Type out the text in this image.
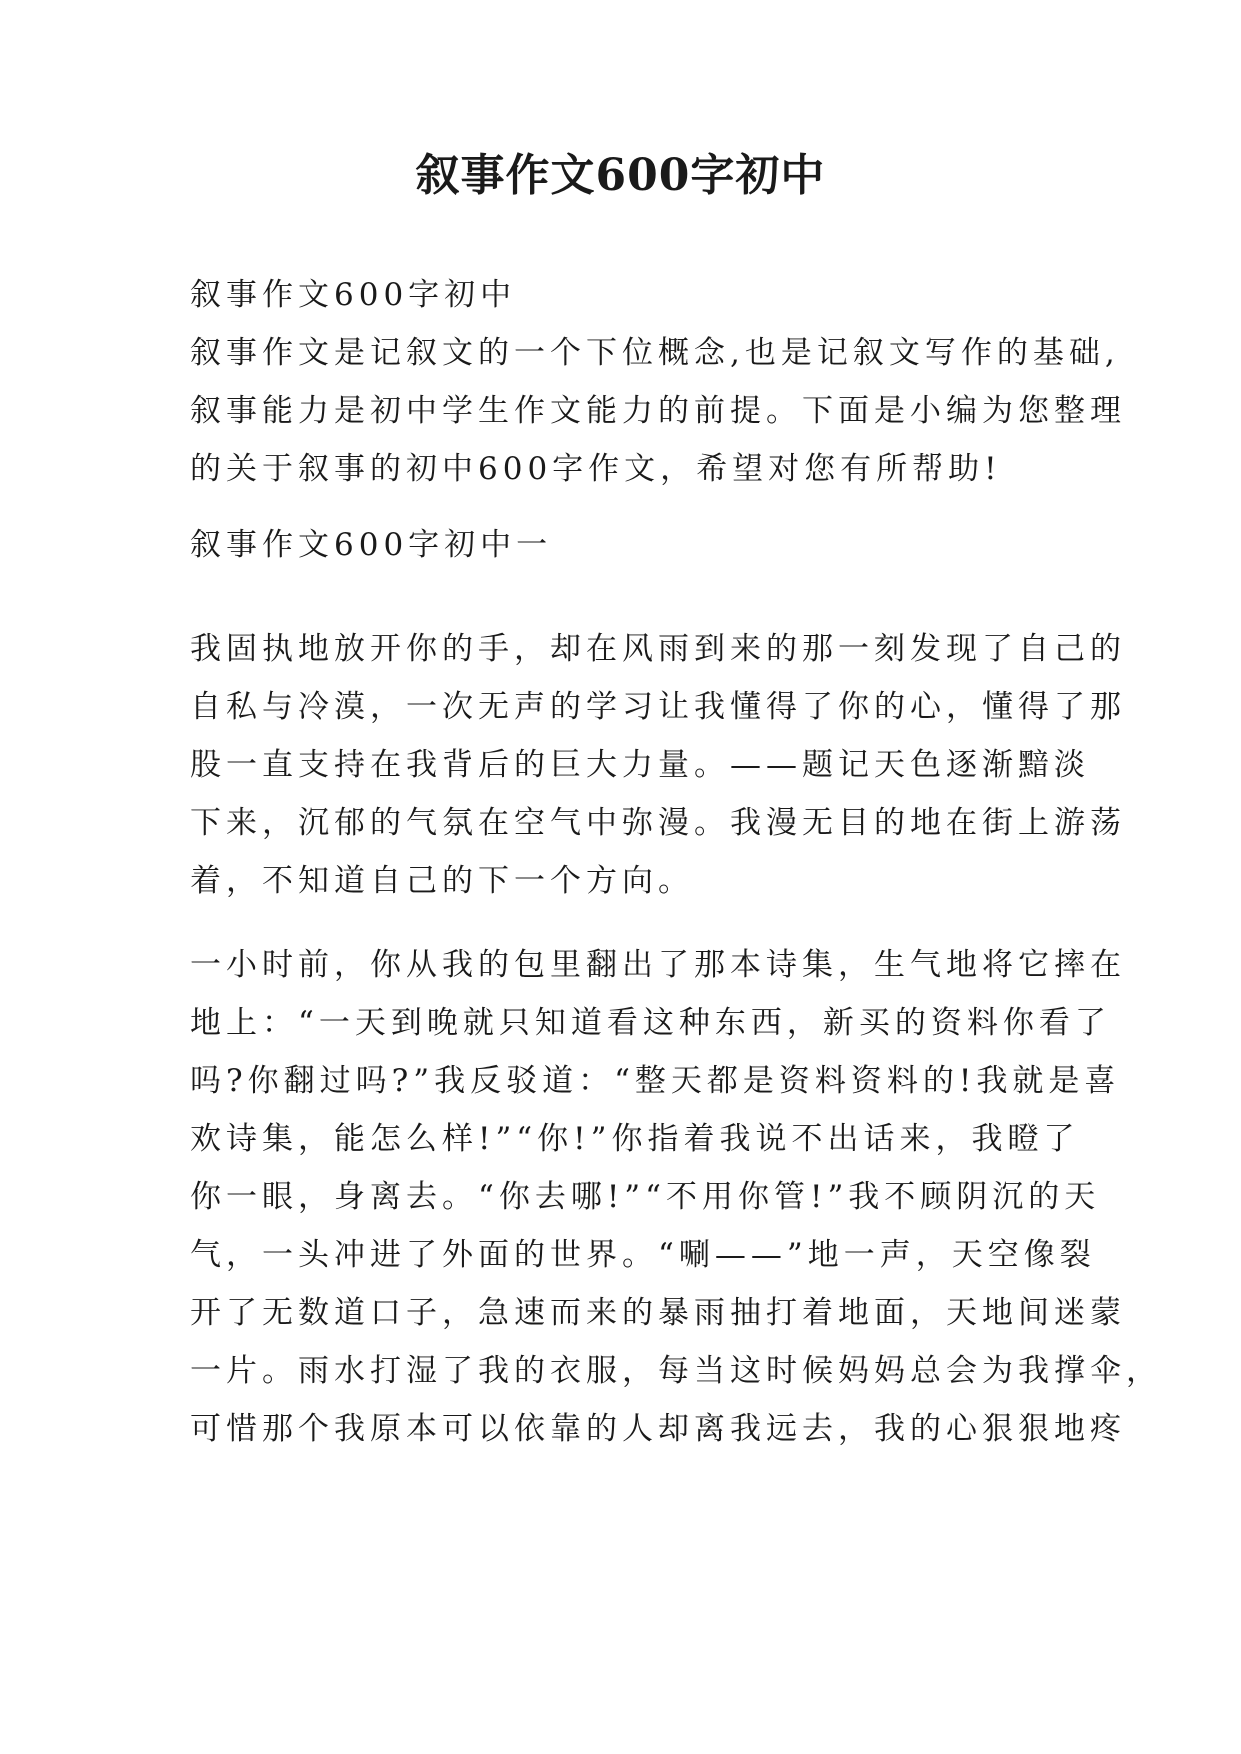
叙事作文600字初中
叙事作文600字初中
叙事作文是记叙文的一个下位概念,也是记叙文写作的基础,
叙事能力是初中学生作文能力的前提。下面是小编为您整理
的关于叙事的初中600字作文，希望对您有所帮助!
叙事作文600字初中一
我固执地放开你的手，却在风雨到来的那一刻发现了自己的
自私与冷漠，一次无声的学习让我懂得了你的心，懂得了那
股一直支持在我背后的巨大力量。——题记天色逐渐黯淡
下来，沉郁的气氛在空气中弥漫。我漫无目的地在街上游荡
着，不知道自己的下一个方向。
一小时前，你从我的包里翻出了那本诗集，生气地将它摔在
地上：“一天到晚就只知道看这种东西，新买的资料你看了
吗?你翻过吗?”我反驳道：“整天都是资料资料的!我就是喜
欢诗集，能怎么样!”“你!”你指着我说不出话来，我瞪了
你一眼，身离去。“你去哪!”“不用你管!”我不顾阴沉的天
气，一头冲进了外面的世界。“唰——”地一声，天空像裂
开了无数道口子，急速而来的暴雨抽打着地面，天地间迷蒙
一片。雨水打湿了我的衣服，每当这时候妈妈总会为我撑伞，
可惜那个我原本可以依靠的人却离我远去，我的心狠狠地疼
